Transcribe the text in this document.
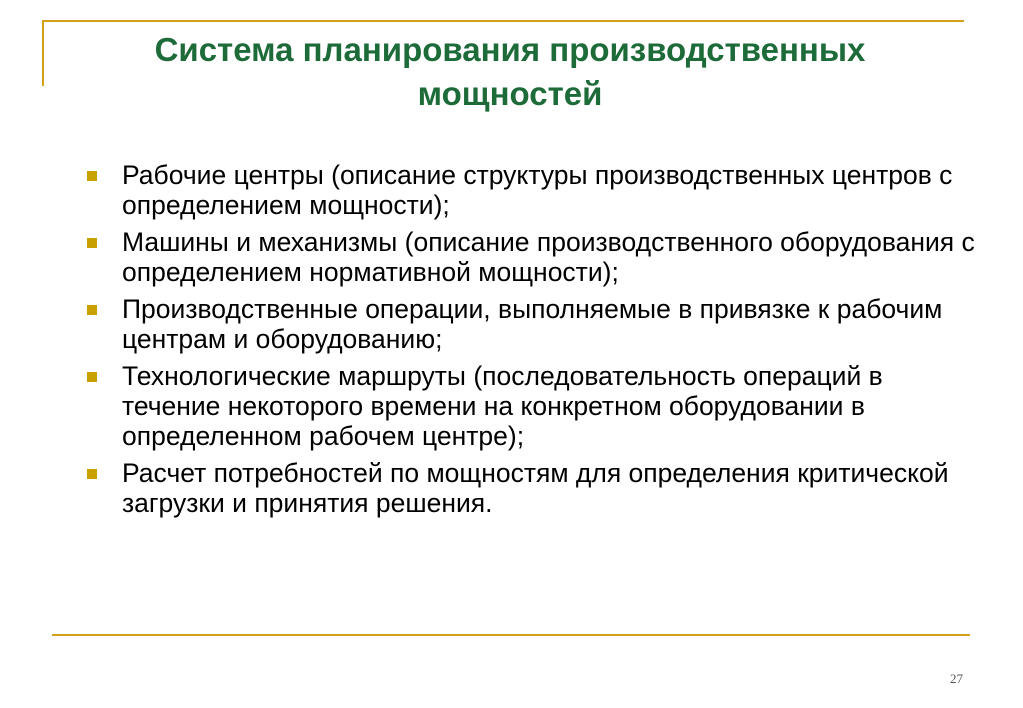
Система планирования производственных мощностей
Рабочие центры (описание структуры производственных центров с определением мощности);
Машины и механизмы (описание производственного оборудования с определением нормативной мощности);
Производственные операции, выполняемые в привязке к рабочим центрам и оборудованию;
Технологические маршруты (последовательность операций в течение некоторого времени на конкретном оборудовании в определенном рабочем центре);
Расчет потребностей по мощностям для определения критической загрузки и принятия решения.
27
